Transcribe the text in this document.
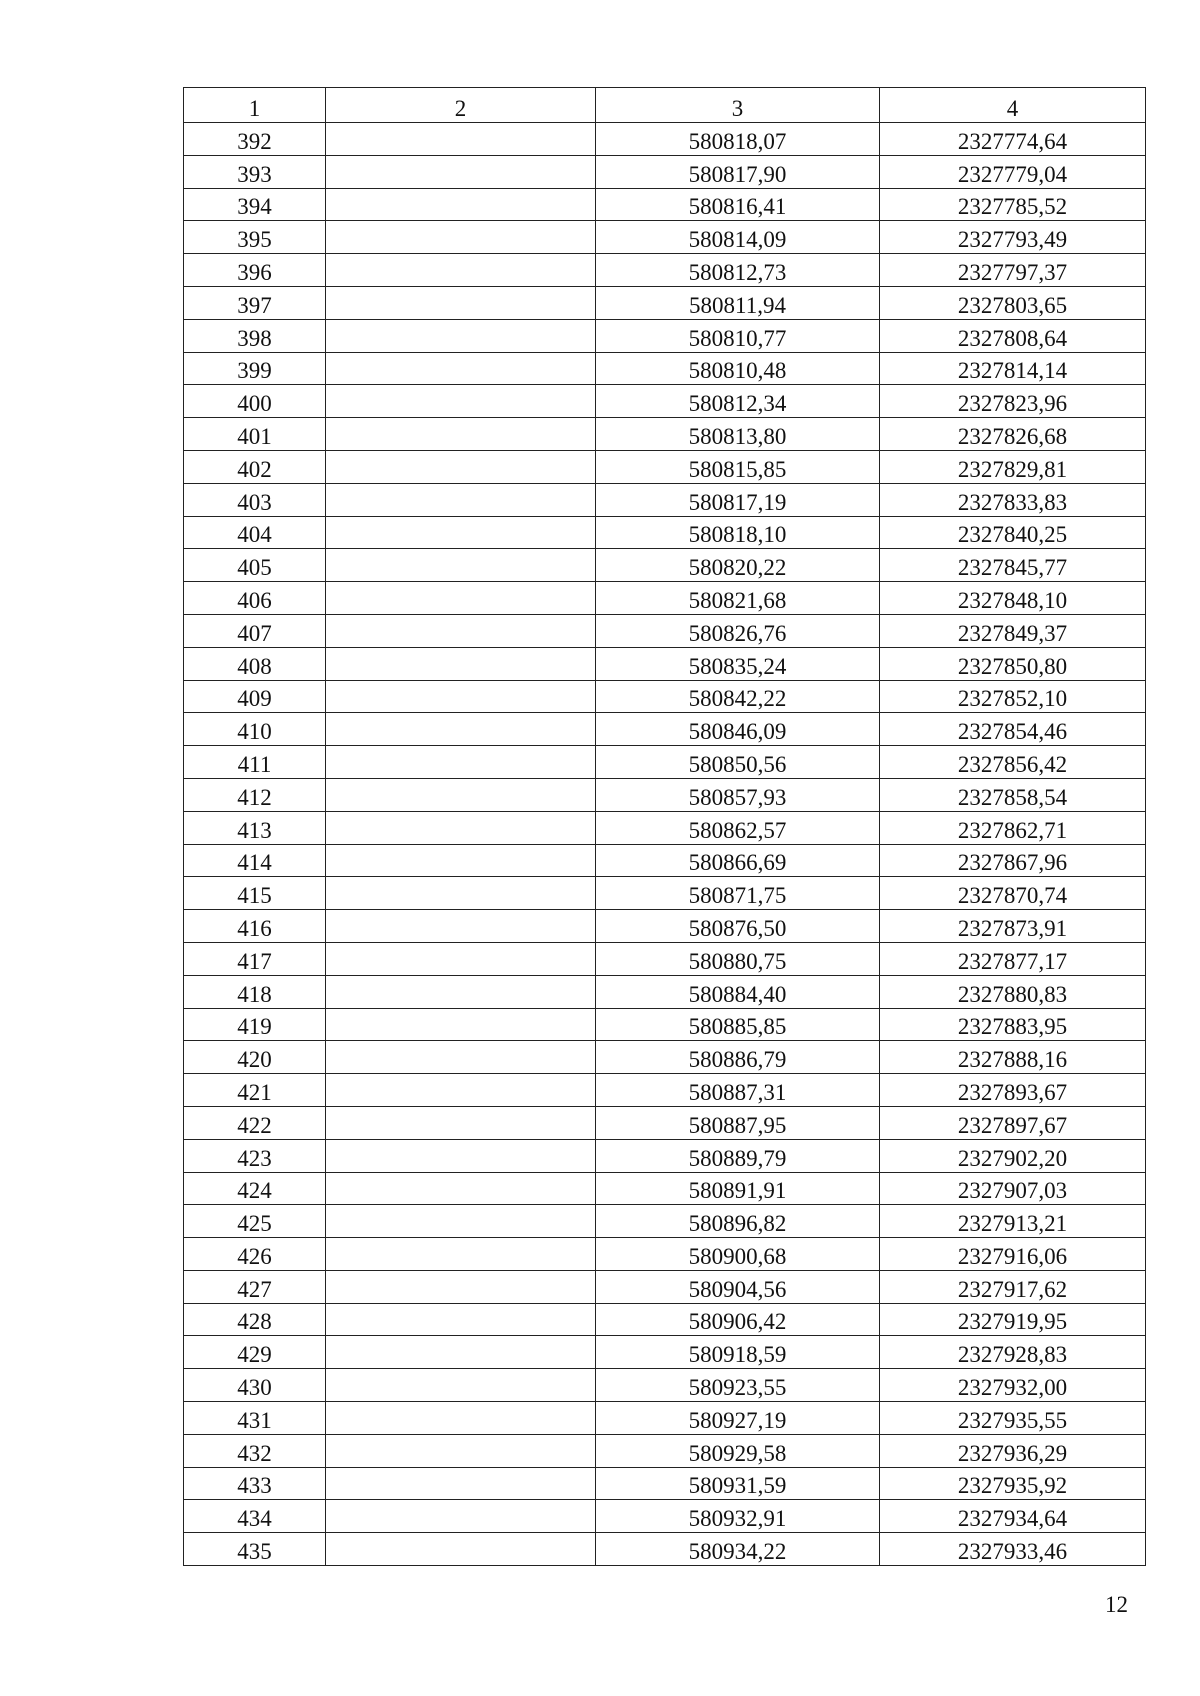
1	2	3	4
392		580818,07	2327774,64
393		580817,90	2327779,04
394		580816,41	2327785,52
395		580814,09	2327793,49
396		580812,73	2327797,37
397		580811,94	2327803,65
398		580810,77	2327808,64
399		580810,48	2327814,14
400		580812,34	2327823,96
401		580813,80	2327826,68
402		580815,85	2327829,81
403		580817,19	2327833,83
404		580818,10	2327840,25
405		580820,22	2327845,77
406		580821,68	2327848,10
407		580826,76	2327849,37
408		580835,24	2327850,80
409		580842,22	2327852,10
410		580846,09	2327854,46
411		580850,56	2327856,42
412		580857,93	2327858,54
413		580862,57	2327862,71
414		580866,69	2327867,96
415		580871,75	2327870,74
416		580876,50	2327873,91
417		580880,75	2327877,17
418		580884,40	2327880,83
419		580885,85	2327883,95
420		580886,79	2327888,16
421		580887,31	2327893,67
422		580887,95	2327897,67
423		580889,79	2327902,20
424		580891,91	2327907,03
425		580896,82	2327913,21
426		580900,68	2327916,06
427		580904,56	2327917,62
428		580906,42	2327919,95
429		580918,59	2327928,83
430		580923,55	2327932,00
431		580927,19	2327935,55
432		580929,58	2327936,29
433		580931,59	2327935,92
434		580932,91	2327934,64
435		580934,22	2327933,46
12
